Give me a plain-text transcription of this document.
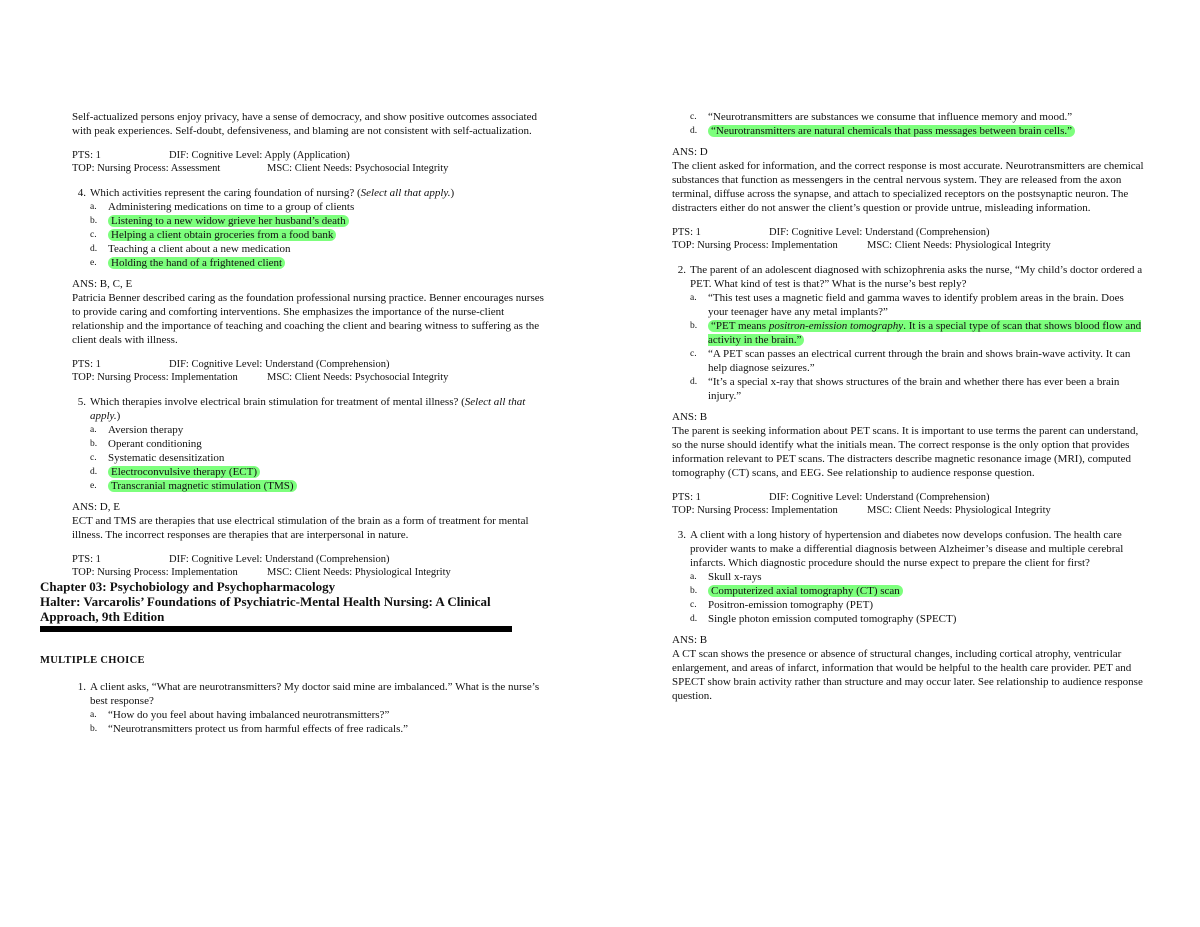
Self-actualized persons enjoy privacy, have a sense of democracy, and show positive outcomes associated with peak experiences. Self-doubt, defensiveness, and blaming are not consistent with self-actualization.

PTS: 1	DIF: Cognitive Level: Apply (Application)
TOP: Nursing Process: Assessment	MSC: Client Needs: Psychosocial Integrity
4. Which activities represent the caring foundation of nursing? (Select all that apply.)

a. Administering medications on time to a group of clients
b. Listening to a new widow grieve her husband’s death
c. Helping a client obtain groceries from a food bank
d. Teaching a client about a new medication
e. Holding the hand of a frightened client

ANS: B, C, E

Patricia Benner described caring as the foundation professional nursing practice. Benner encourages nurses to provide caring and comforting interventions. She emphasizes the importance of the nurse-client relationship and the importance of teaching and coaching the client and bearing witness to suffering as the client deals with illness.

PTS: 1	DIF: Cognitive Level: Understand (Comprehension)
TOP: Nursing Process: Implementation	MSC: Client Needs: Psychosocial Integrity
5. Which therapies involve electrical brain stimulation for treatment of mental illness? (Select all that apply.)

a. Aversion therapy
b. Operant conditioning
c. Systematic desensitization
d. Electroconvulsive therapy (ECT)
e. Transcranial magnetic stimulation (TMS)

ANS: D, E

ECT and TMS are therapies that use electrical stimulation of the brain as a form of treatment for mental illness. The incorrect responses are therapies that are interpersonal in nature.

PTS: 1	DIF: Cognitive Level: Understand (Comprehension)
TOP: Nursing Process: Implementation	MSC: Client Needs: Physiological Integrity
Chapter 03: Psychobiology and Psychopharmacology
Halter: Varcarolis’ Foundations of Psychiatric-Mental Health Nursing: A Clinical Approach, 9th Edition
MULTIPLE CHOICE
1. A client asks, “What are neurotransmitters? My doctor said mine are imbalanced.” What is the nurse’s best response?

a. “How do you feel about having imbalanced neurotransmitters?”
b. “Neurotransmitters protect us from harmful effects of free radicals.”
c. “Neurotransmitters are substances we consume that influence memory and mood.”
d. “Neurotransmitters are natural chemicals that pass messages between brain cells.”

ANS: D

The client asked for information, and the correct response is most accurate. Neurotransmitters are chemical substances that function as messengers in the central nervous system. They are released from the axon terminal, diffuse across the synapse, and attach to specialized receptors on the postsynaptic neuron. The distracters either do not answer the client’s question or provide untrue, misleading information.

PTS: 1	DIF: Cognitive Level: Understand (Comprehension)
TOP: Nursing Process: Implementation	MSC: Client Needs: Physiological Integrity
2. The parent of an adolescent diagnosed with schizophrenia asks the nurse, “My child’s doctor ordered a PET. What kind of test is that?” What is the nurse’s best reply?

a. “This test uses a magnetic field and gamma waves to identify problem areas in the brain. Does your teenager have any metal implants?”
b. “PET means positron-emission tomography. It is a special type of scan that shows blood flow and activity in the brain.”
c. “A PET scan passes an electrical current through the brain and shows brain-wave activity. It can help diagnose seizures.”
d. “It’s a special x-ray that shows structures of the brain and whether there has ever been a brain injury.”

ANS: B

The parent is seeking information about PET scans. It is important to use terms the parent can understand, so the nurse should identify what the initials mean. The correct response is the only option that provides information relevant to PET scans. The distracters describe magnetic resonance image (MRI), computed tomography (CT) scans, and EEG. See relationship to audience response question.

PTS: 1	DIF: Cognitive Level: Understand (Comprehension)
TOP: Nursing Process: Implementation	MSC: Client Needs: Physiological Integrity
3. A client with a long history of hypertension and diabetes now develops confusion. The health care provider wants to make a differential diagnosis between Alzheimer’s disease and multiple cerebral infarcts. Which diagnostic procedure should the nurse expect to prepare the client for first?

a. Skull x-rays
b. Computerized axial tomography (CT) scan
c. Positron-emission tomography (PET)
d. Single photon emission computed tomography (SPECT)

ANS: B

A CT scan shows the presence or absence of structural changes, including cortical atrophy, ventricular enlargement, and areas of infarct, information that would be helpful to the health care provider. PET and SPECT show brain activity rather than structure and may occur later. See relationship to audience response question.
